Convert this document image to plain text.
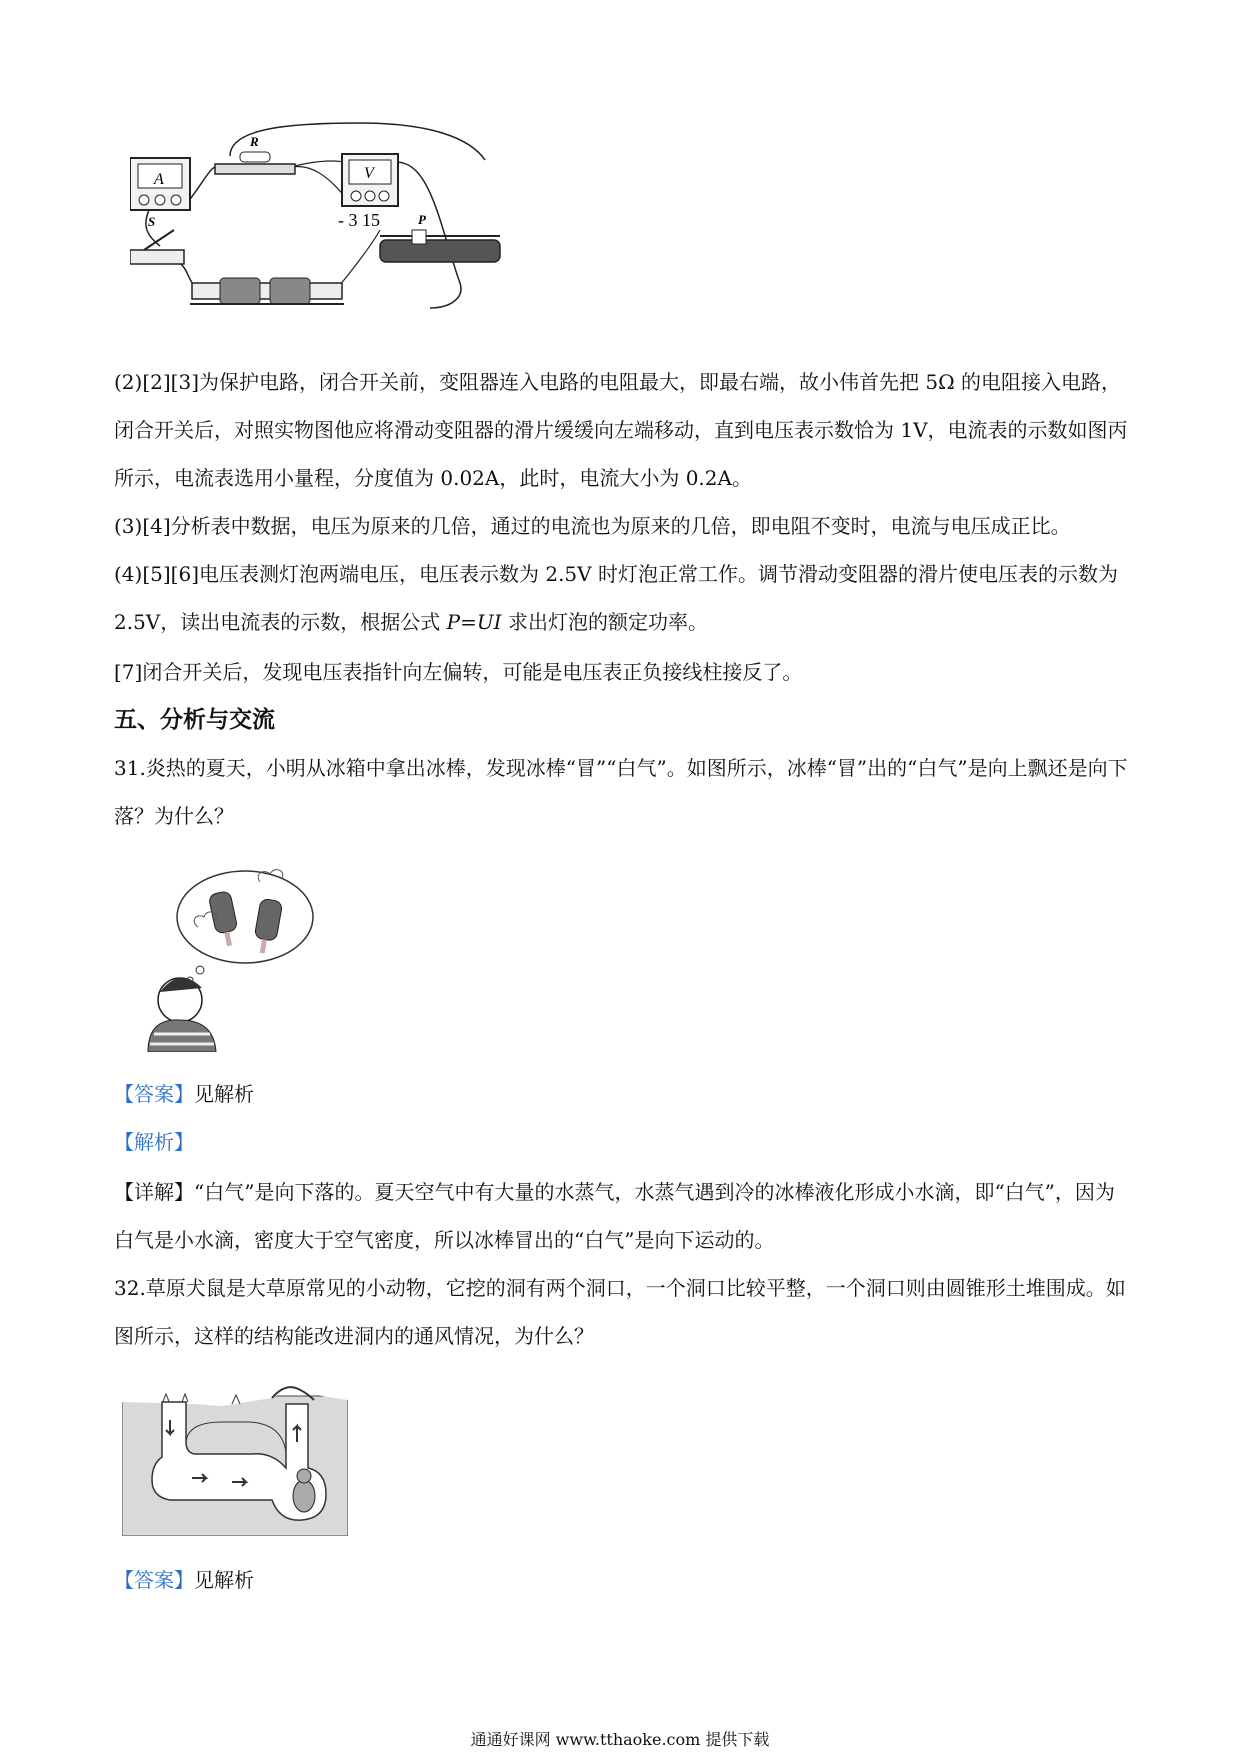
A
R
V
- 3 15	P
S
(2)[2][3]为保护电路，闭合开关前，变阻器连入电路的电阻最大，即最右端，故小伟首先把 5Ω 的电阻接入电路，闭合开关后，对照实物图他应将滑动变阻器的滑片缓缓向左端移动，直到电压表示数恰为 1V，电流表的示数如图丙所示，电流表选用小量程，分度值为 0.02A，此时，电流大小为 0.2A。
(3)[4]分析表中数据，电压为原来的几倍，通过的电流也为原来的几倍，即电阻不变时，电流与电压成正比。
(4)[5][6]电压表测灯泡两端电压，电压表示数为 2.5V 时灯泡正常工作。调节滑动变阻器的滑片使电压表的示数为 2.5V，读出电流表的示数，根据公式 P=UI 求出灯泡的额定功率。
[7]闭合开关后，发现电压表指针向左偏转，可能是电压表正负接线柱接反了。
五、分析与交流
31.炎热的夏天，小明从冰箱中拿出冰棒，发现冰棒“冒”“白气”。如图所示，冰棒“冒”出的“白气”是向上飘还是向下落？为什么？
【答案】见解析
【解析】
【详解】“白气”是向下落的。夏天空气中有大量的水蒸气，水蒸气遇到冷的冰棒液化形成小水滴，即“白气”，因为白气是小水滴，密度大于空气密度，所以冰棒冒出的“白气”是向下运动的。
32.草原犬鼠是大草原常见的小动物，它挖的洞有两个洞口，一个洞口比较平整，一个洞口则由圆锥形土堆围成。如图所示，这样的结构能改进洞内的通风情况，为什么？
【答案】见解析
通通好课网 www.tthaoke.com 提供下载
